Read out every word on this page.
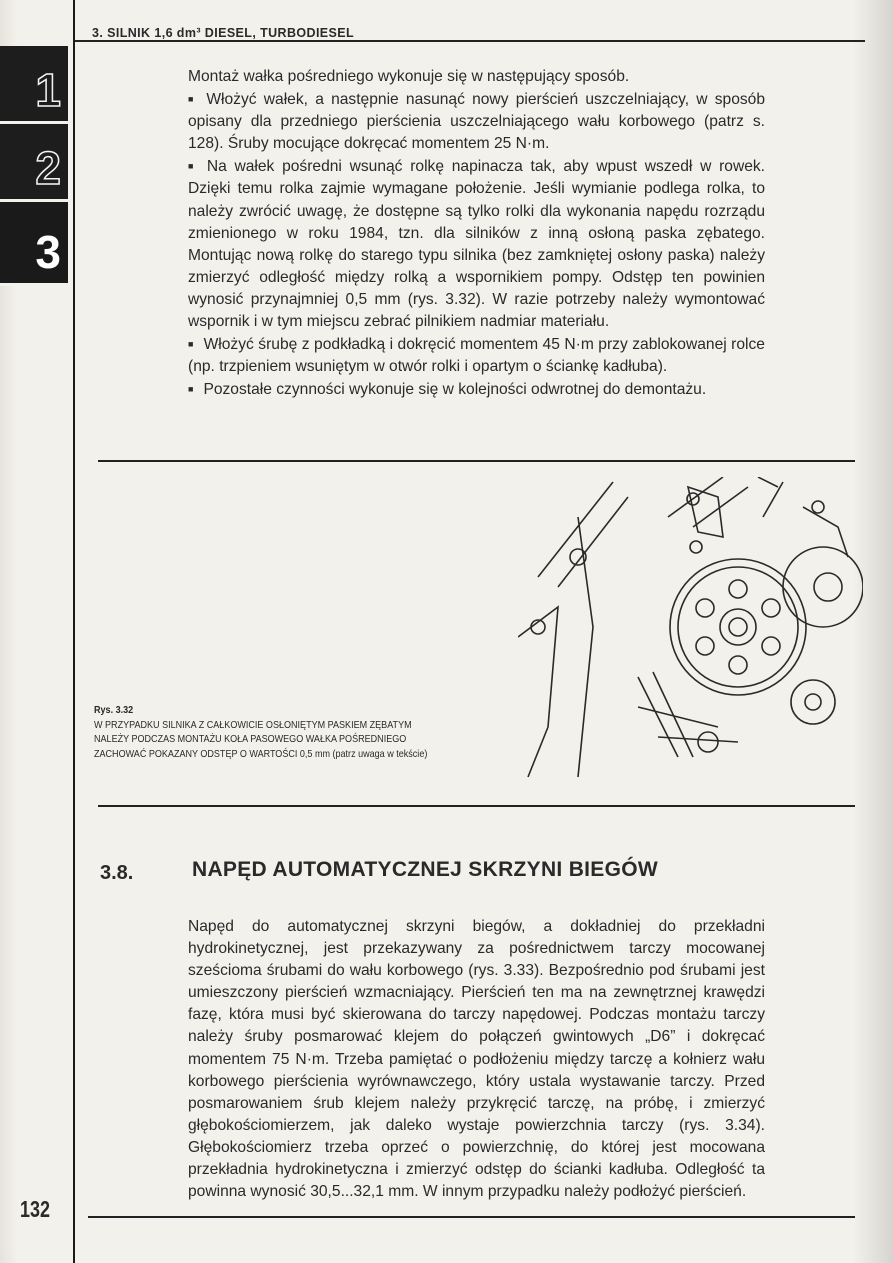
3. SILNIK 1,6 dm³ DIESEL, TURBODIESEL
1
2
3

Montaż wałka pośredniego wykonuje się w następujący sposób.

■ Włożyć wałek, a następnie nasunąć nowy pierścień uszczelniający, w sposób opisany dla przedniego pierścienia uszczelniającego wału korbowego (patrz s. 128). Śruby mocujące dokręcać momentem 25 N·m.

■ Na wałek pośredni wsunąć rolkę napinacza tak, aby wpust wszedł w rowek. Dzięki temu rolka zajmie wymagane położenie. Jeśli wymianie podlega rolka, to należy zwrócić uwagę, że dostępne są tylko rolki dla wykonania napędu rozrządu zmienionego w roku 1984, tzn. dla silników z inną osłoną paska zębatego. Montując nową rolkę do starego typu silnika (bez zamkniętej osłony paska) należy zmierzyć odległość między rolką a wspornikiem pompy. Odstęp ten powinien wynosić przynajmniej 0,5 mm (rys. 3.32). W razie potrzeby należy wymontować wspornik i w tym miejscu zebrać pilnikiem nadmiar materiału.

■ Włożyć śrubę z podkładką i dokręcić momentem 45 N·m przy zablokowanej rolce (np. trzpieniem wsuniętym w otwór rolki i opartym o ściankę kadłuba).

■ Pozostałe czynności wykonuje się w kolejności odwrotnej do demontażu.

Rys. 3.32
W PRZYPADKU SILNIKA Z CAŁKOWICIE OSŁONIĘTYM PASKIEM ZĘBATYM
NALEŻY PODCZAS MONTAŻU KOŁA PASOWEGO WAŁKA POŚREDNIEGO
ZACHOWAĆ POKAZANY ODSTĘP O WARTOŚCI 0,5 mm (patrz uwaga w tekście)
3.8.	NAPĘD AUTOMATYCZNEJ SKRZYNI BIEGÓW

Napęd do automatycznej skrzyni biegów, a dokładniej do przekładni hydrokinetycznej, jest przekazywany za pośrednictwem tarczy mocowanej sześcioma śrubami do wału korbowego (rys. 3.33). Bezpośrednio pod śrubami jest umieszczony pierścień wzmacniający. Pierścień ten ma na zewnętrznej krawędzi fazę, która musi być skierowana do tarczy napędowej. Podczas montażu tarczy należy śruby posmarować klejem do połączeń gwintowych „D6” i dokręcać momentem 75 N·m. Trzeba pamiętać o podłożeniu między tarczę a kołnierz wału korbowego pierścienia wyrównawczego, który ustala wystawanie tarczy. Przed posmarowaniem śrub klejem należy przykręcić tarczę, na próbę, i zmierzyć głębokościomierzem, jak daleko wystaje powierzchnia tarczy (rys. 3.34). Głębokościomierz trzeba oprzeć o powierzchnię, do której jest mocowana przekładnia hydrokinetyczna i zmierzyć odstęp do ścianki kadłuba. Odległość ta powinna wynosić 30,5...32,1 mm. W innym przypadku należy podłożyć pierścień.

132
